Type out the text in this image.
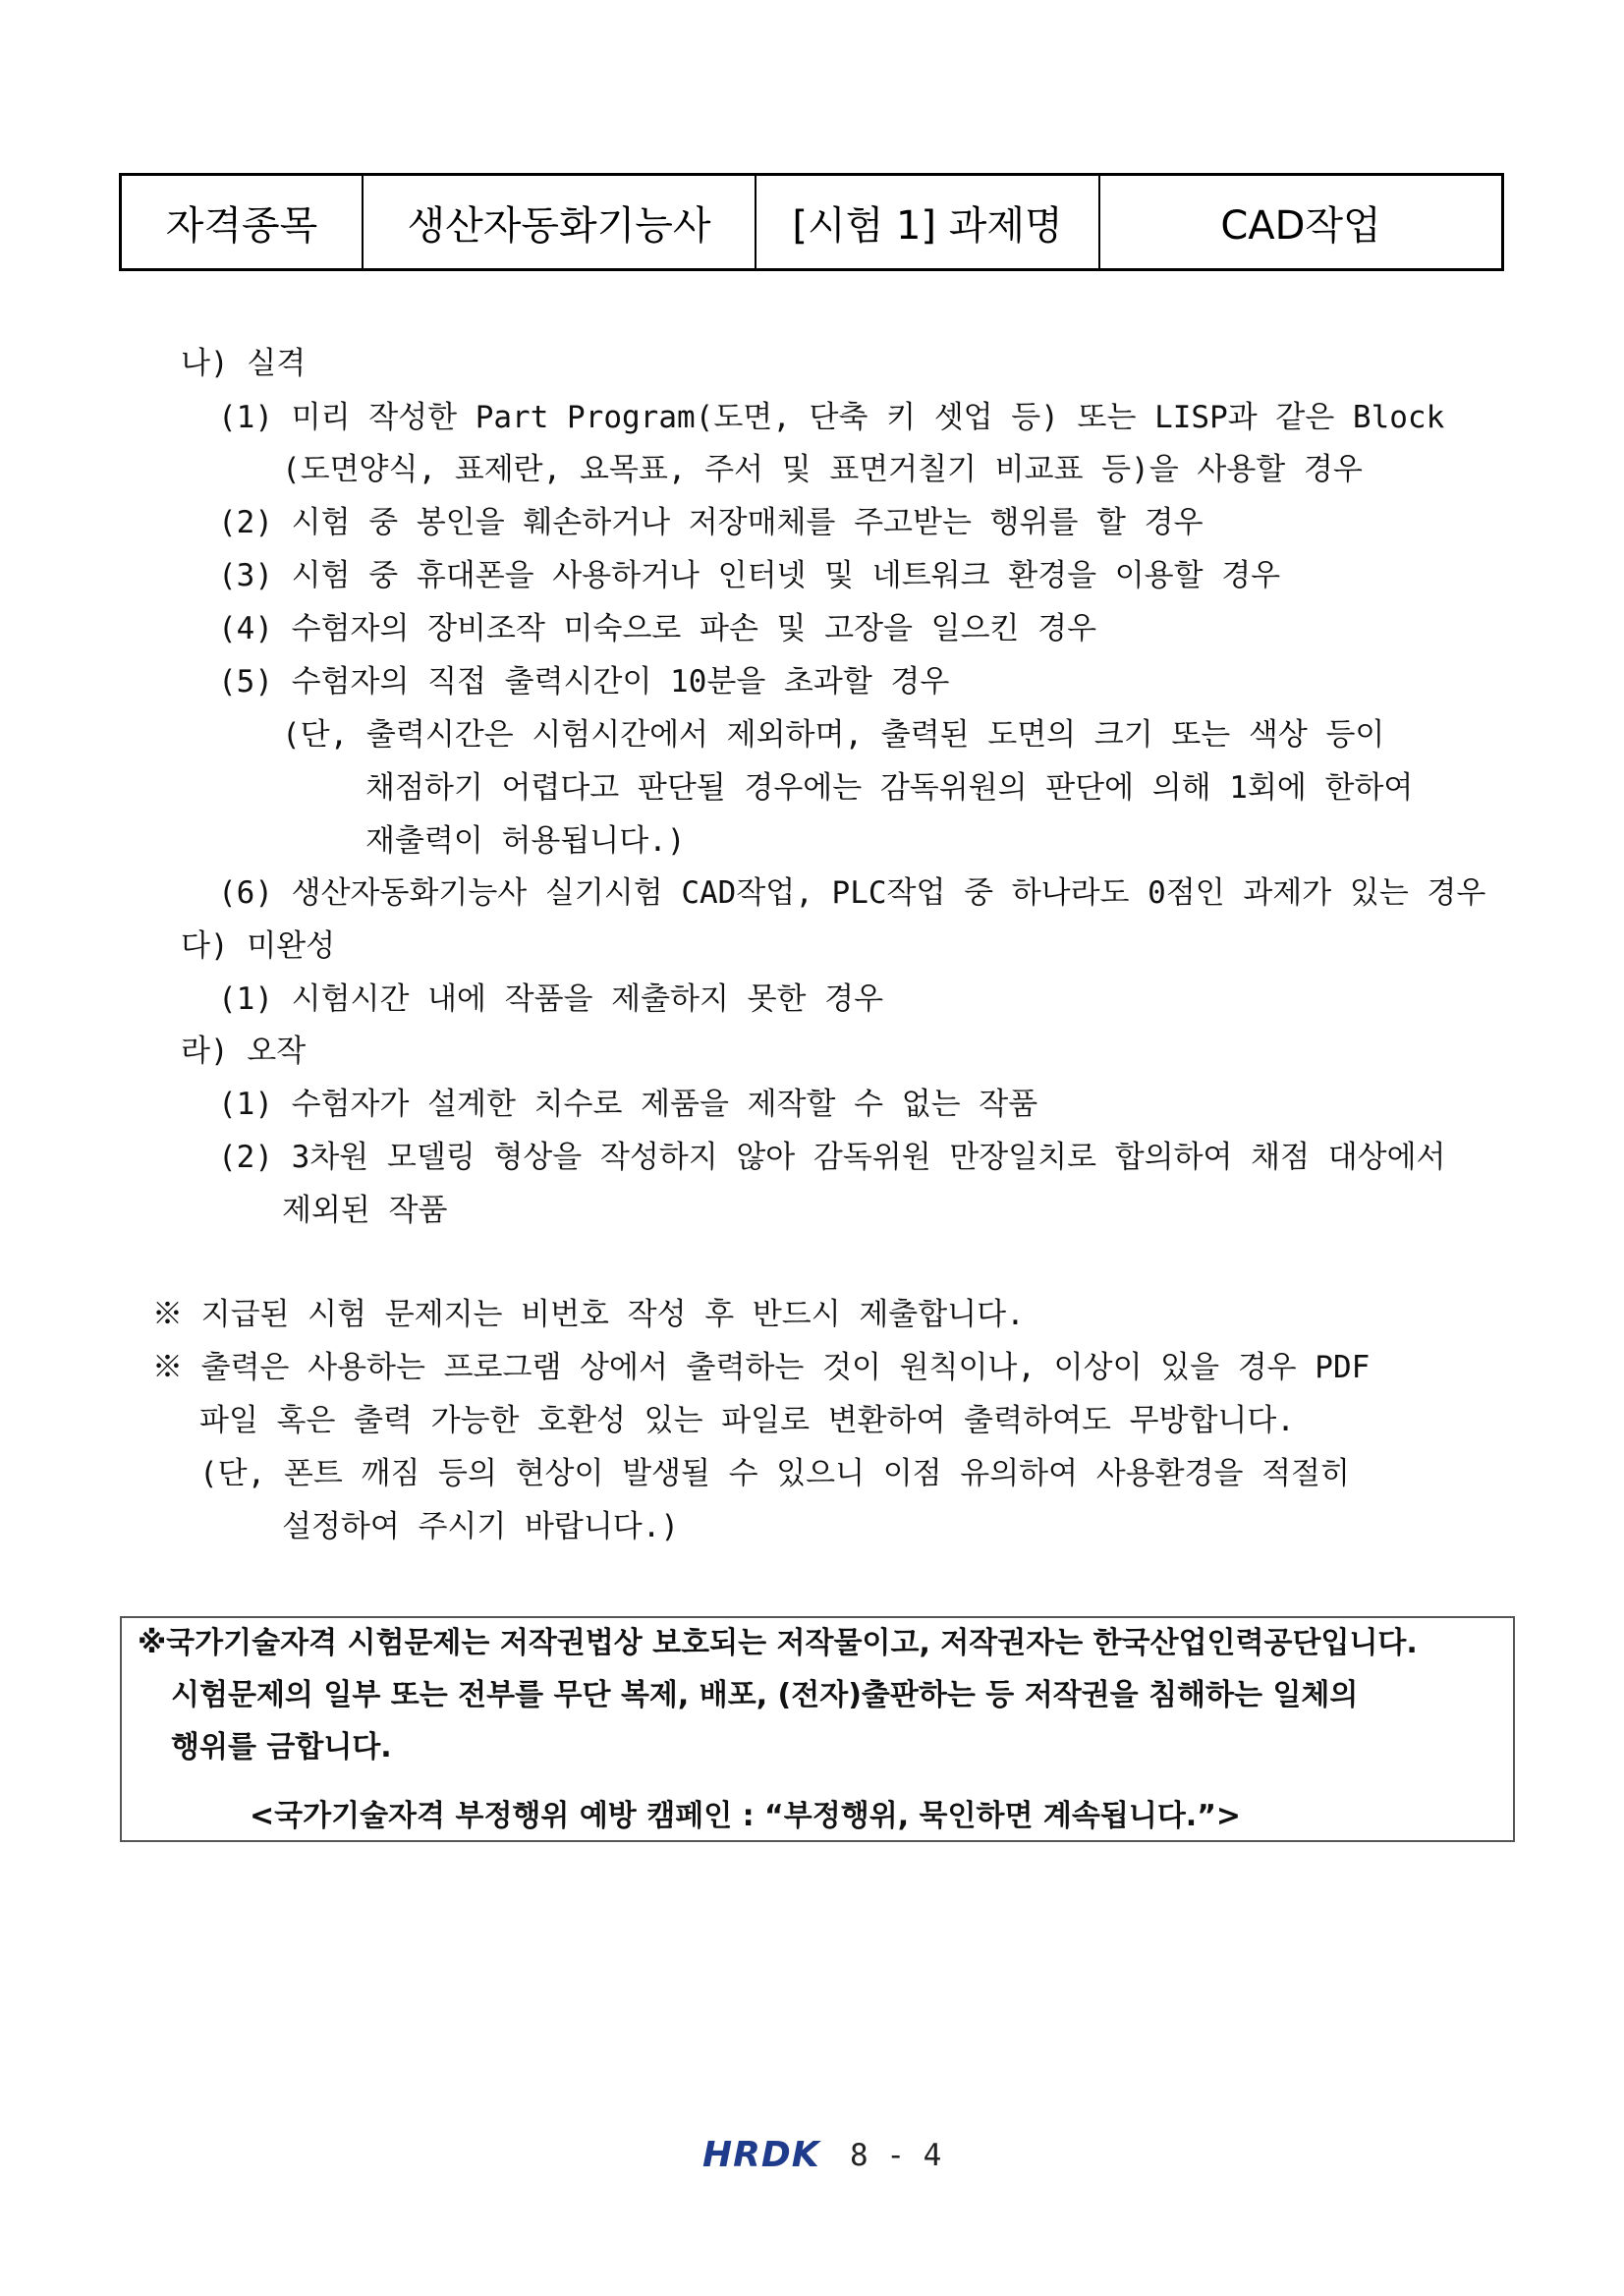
자격종목	생산자동화기능사	[시험 1] 과제명	CAD작업
나) 실격
(1) 미리 작성한 Part Program(도면, 단축 키 셋업 등) 또는 LISP과 같은 Block
(도면양식, 표제란, 요목표, 주서 및 표면거칠기 비교표 등)을 사용할 경우
(2) 시험 중 봉인을 훼손하거나 저장매체를 주고받는 행위를 할 경우
(3) 시험 중 휴대폰을 사용하거나 인터넷 및 네트워크 환경을 이용할 경우
(4) 수험자의 장비조작 미숙으로 파손 및 고장을 일으킨 경우
(5) 수험자의 직접 출력시간이 10분을 초과할 경우
(단, 출력시간은 시험시간에서 제외하며, 출력된 도면의 크기 또는 색상 등이
채점하기 어렵다고 판단될 경우에는 감독위원의 판단에 의해 1회에 한하여
재출력이 허용됩니다.)
(6) 생산자동화기능사 실기시험 CAD작업, PLC작업 중 하나라도 0점인 과제가 있는 경우
다) 미완성
(1) 시험시간 내에 작품을 제출하지 못한 경우
라) 오작
(1) 수험자가 설계한 치수로 제품을 제작할 수 없는 작품
(2) 3차원 모델링 형상을 작성하지 않아 감독위원 만장일치로 합의하여 채점 대상에서
제외된 작품
※ 지급된 시험 문제지는 비번호 작성 후 반드시 제출합니다.
※ 출력은 사용하는 프로그램 상에서 출력하는 것이 원칙이나, 이상이 있을 경우 PDF
파일 혹은 출력 가능한 호환성 있는 파일로 변환하여 출력하여도 무방합니다.
(단, 폰트 깨짐 등의 현상이 발생될 수 있으니 이점 유의하여 사용환경을 적절히
설정하여 주시기 바랍니다.)
※국가기술자격 시험문제는 저작권법상 보호되는 저작물이고, 저작권자는 한국산업인력공단입니다.
시험문제의 일부 또는 전부를 무단 복제, 배포, (전자)출판하는 등 저작권을 침해하는 일체의
행위를 금합니다.
<국가기술자격 부정행위 예방 캠페인 : “부정행위, 묵인하면 계속됩니다.”>
HRDK 8 - 4
